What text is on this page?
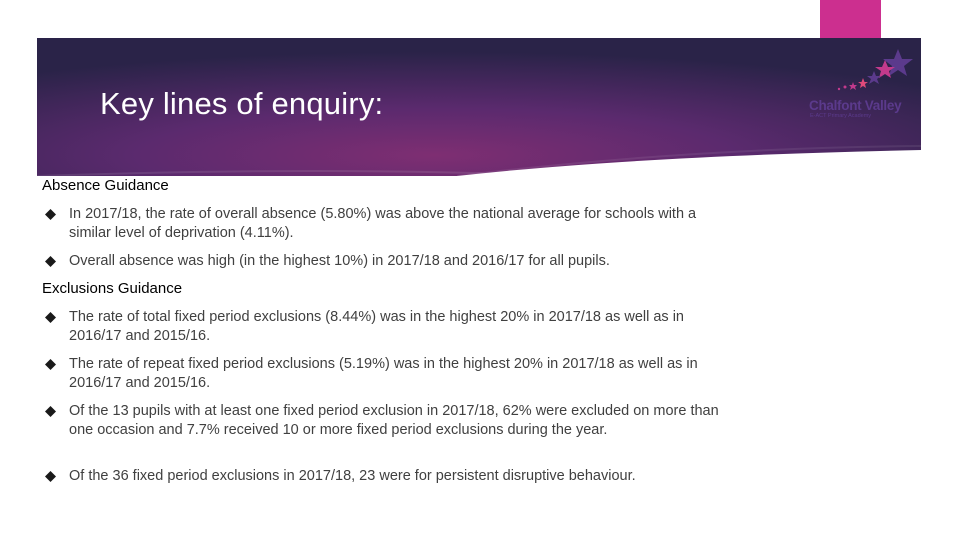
Key lines of enquiry:	Chalfont Valley
E-ACT Primary Academy
Absence Guidance
In 2017/18, the rate of overall absence (5.80%) was above the national average for schools with a similar level of deprivation (4.11%).
Overall absence was high (in the highest 10%) in 2017/18 and 2016/17 for all pupils.
Exclusions Guidance
The rate of total fixed period exclusions (8.44%) was in the highest 20% in 2017/18 as well as in 2016/17 and 2015/16.
The rate of repeat fixed period exclusions (5.19%) was in the highest 20% in 2017/18 as well as in 2016/17 and 2015/16.
Of the 13 pupils with at least one fixed period exclusion in 2017/18, 62% were excluded on more than one occasion and 7.7% received 10 or more fixed period exclusions during the year.
Of the 36 fixed period exclusions in 2017/18, 23 were for persistent disruptive behaviour.
